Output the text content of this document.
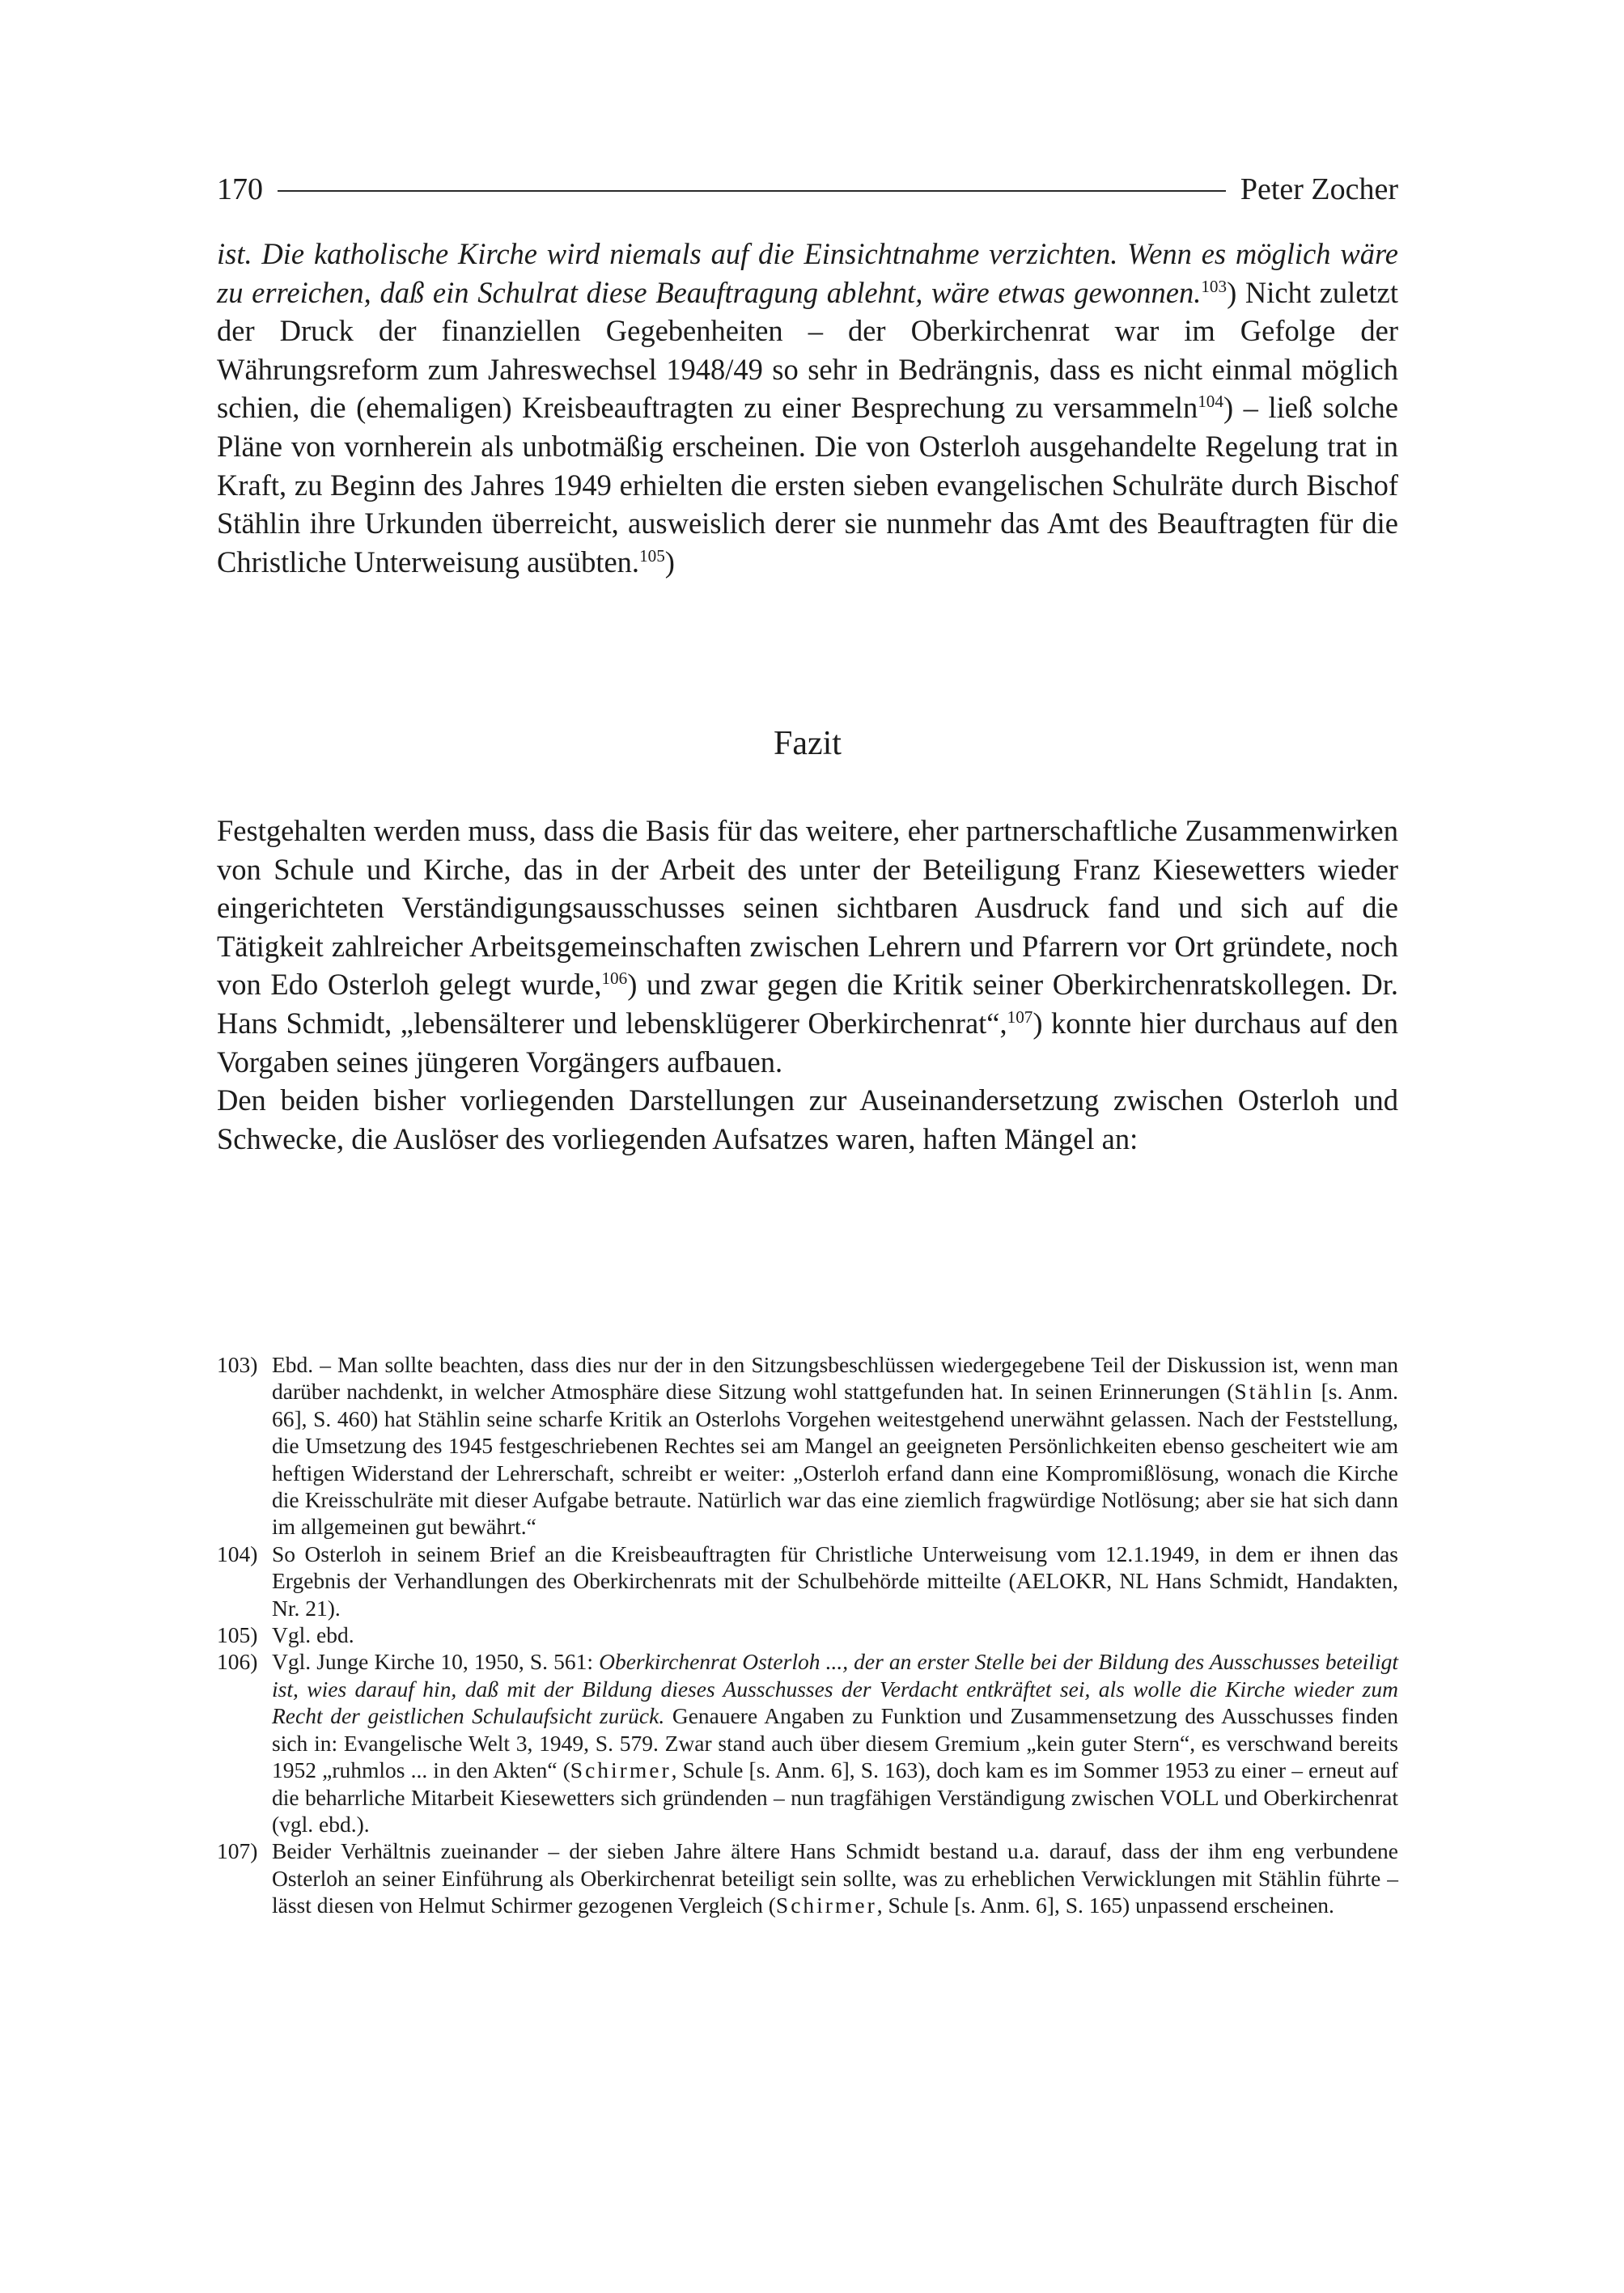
170	Peter Zocher

ist. Die katholische Kirche wird niemals auf die Einsichtnahme verzichten. Wenn es möglich wäre zu erreichen, daß ein Schulrat diese Beauftragung ablehnt, wäre etwas gewonnen.$^{103}$) Nicht zuletzt der Druck der finanziellen Gegebenheiten – der Oberkirchenrat war im Gefolge der Währungsreform zum Jahreswechsel 1948/49 so sehr in Bedrängnis, dass es nicht einmal möglich schien, die (ehemaligen) Kreisbeauftragten zu einer Besprechung zu versammeln$^{104}$) – ließ solche Pläne von vornherein als unbotmäßig erscheinen. Die von Osterloh ausgehandelte Regelung trat in Kraft, zu Beginn des Jahres 1949 erhielten die ersten sieben evangelischen Schulräte durch Bischof Stählin ihre Urkunden überreicht, ausweislich derer sie nunmehr das Amt des Beauftragten für die Christliche Unterweisung ausübten.$^{105}$)

Fazit

Festgehalten werden muss, dass die Basis für das weitere, eher partnerschaftliche Zusammenwirken von Schule und Kirche, das in der Arbeit des unter der Beteiligung Franz Kiesewetters wieder eingerichteten Verständigungsausschusses seinen sichtbaren Ausdruck fand und sich auf die Tätigkeit zahlreicher Arbeitsgemeinschaften zwischen Lehrern und Pfarrern vor Ort gründete, noch von Edo Osterloh gelegt wurde,$^{106}$) und zwar gegen die Kritik seiner Oberkirchenratskollegen. Dr. Hans Schmidt, „lebensälterer und lebensklügerer Oberkirchenrat“,$^{107}$) konnte hier durchaus auf den Vorgaben seines jüngeren Vorgängers aufbauen.

Den beiden bisher vorliegenden Darstellungen zur Auseinandersetzung zwischen Osterloh und Schwecke, die Auslöser des vorliegenden Aufsatzes waren, haften Mängel an:

103) Ebd. – Man sollte beachten, dass dies nur der in den Sitzungsbeschlüssen wiedergegebene Teil der Diskussion ist, wenn man darüber nachdenkt, in welcher Atmosphäre diese Sitzung wohl stattgefunden hat. In seinen Erinnerungen (Stählin [s. Anm. 66], S. 460) hat Stählin seine scharfe Kritik an Osterlohs Vorgehen weitestgehend unerwähnt gelassen. Nach der Feststellung, die Umsetzung des 1945 festgeschriebenen Rechtes sei am Mangel an geeigneten Persönlichkeiten ebenso gescheitert wie am heftigen Widerstand der Lehrerschaft, schreibt er weiter: „Osterloh erfand dann eine Kompromißlösung, wonach die Kirche die Kreisschulräte mit dieser Aufgabe betraute. Natürlich war das eine ziemlich fragwürdige Notlösung; aber sie hat sich dann im allgemeinen gut bewährt.“
104) So Osterloh in seinem Brief an die Kreisbeauftragten für Christliche Unterweisung vom 12.1.1949, in dem er ihnen das Ergebnis der Verhandlungen des Oberkirchenrats mit der Schulbehörde mitteilte (AELOKR, NL Hans Schmidt, Handakten, Nr. 21).
105) Vgl. ebd.
106) Vgl. Junge Kirche 10, 1950, S. 561: Oberkirchenrat Osterloh ..., der an erster Stelle bei der Bildung des Ausschusses beteiligt ist, wies darauf hin, daß mit der Bildung dieses Ausschusses der Verdacht entkräftet sei, als wolle die Kirche wieder zum Recht der geistlichen Schulaufsicht zurück. Genauere Angaben zu Funktion und Zusammensetzung des Ausschusses finden sich in: Evangelische Welt 3, 1949, S. 579. Zwar stand auch über diesem Gremium „kein guter Stern“, es verschwand bereits 1952 „ruhmlos ... in den Akten“ (Schirmer, Schule [s. Anm. 6], S. 163), doch kam es im Sommer 1953 zu einer – erneut auf die beharrliche Mitarbeit Kiesewetters sich gründenden – nun tragfähigen Verständigung zwischen VOLL und Oberkirchenrat (vgl. ebd.).
107) Beider Verhältnis zueinander – der sieben Jahre ältere Hans Schmidt bestand u.a. darauf, dass der ihm eng verbundene Osterloh an seiner Einführung als Oberkirchenrat beteiligt sein sollte, was zu erheblichen Verwicklungen mit Stählin führte – lässt diesen von Helmut Schirmer gezogenen Vergleich (Schirmer, Schule [s. Anm. 6], S. 165) unpassend erscheinen.
